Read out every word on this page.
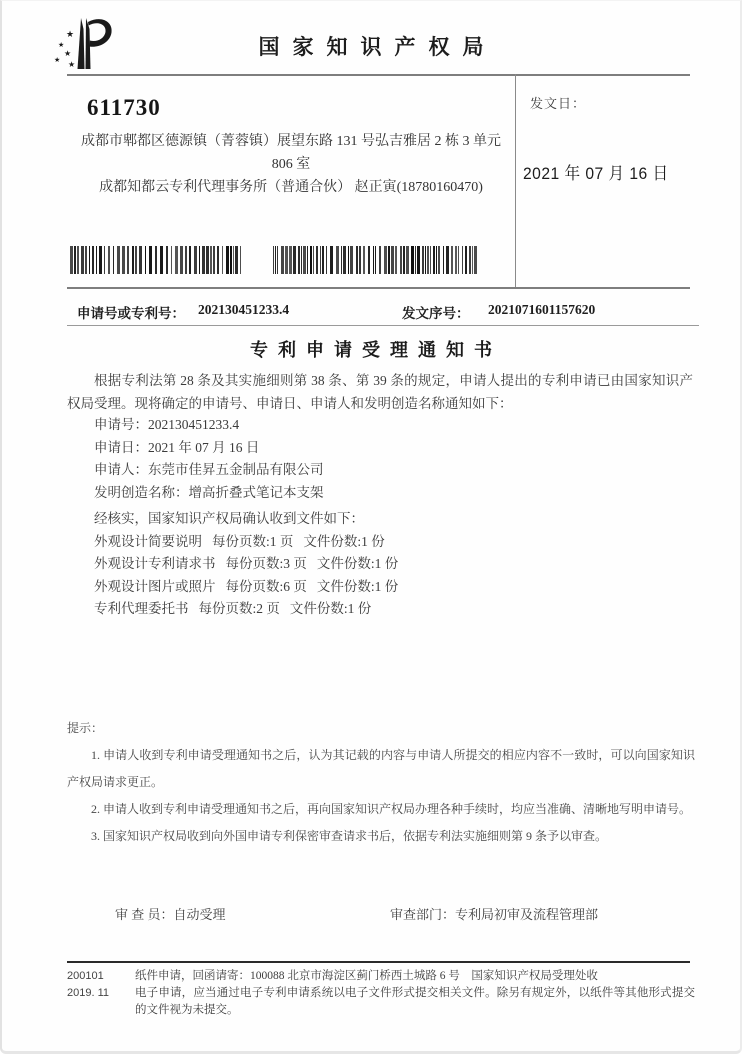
★
★
★
★ ★
国家知识产权局
611730
成都市郫都区德源镇（菁蓉镇）展望东路 131 号弘吉雅居 2 栋 3 单元
806 室
成都知都云专利代理事务所（普通合伙） 赵正寅(18780160470)
发文日：
2021 年 07 月 16 日
申请号或专利号： 202130451233.4	发文序号： 2021071601157620
专利申请受理通知书
根据专利法第 28 条及其实施细则第 38 条、第 39 条的规定，申请人提出的专利申请已由国家知识产权局受理。现将确定的申请号、申请日、申请人和发明创造名称通知如下：

申请号：202130451233.4

申请日：2021 年 07 月 16 日

申请人：东莞市佳昇五金制品有限公司

发明创造名称：增高折叠式笔记本支架

经核实，国家知识产权局确认收到文件如下：

外观设计简要说明 每份页数:1 页 文件份数:1 份

外观设计专利请求书 每份页数:3 页 文件份数:1 份

外观设计图片或照片 每份页数:6 页 文件份数:1 份

专利代理委托书 每份页数:2 页 文件份数:1 份

提示：

1. 申请人收到专利申请受理通知书之后，认为其记载的内容与申请人所提交的相应内容不一致时，可以向国家知识产权局请求更正。

2. 申请人收到专利申请受理通知书之后，再向国家知识产权局办理各种手续时，均应当准确、清晰地写明申请号。

3. 国家知识产权局收到向外国申请专利保密审查请求书后，依据专利法实施细则第 9 条予以审查。

审 查 员：自动受理	审查部门：专利局初审及流程管理部
200101	纸件申请，回函请寄：100088 北京市海淀区蓟门桥西土城路 6 号　国家知识产权局受理处收
2019. 11	电子申请，应当通过电子专利申请系统以电子文件形式提交相关文件。除另有规定外，以纸件等其他形式提交的文件视为未提交。
